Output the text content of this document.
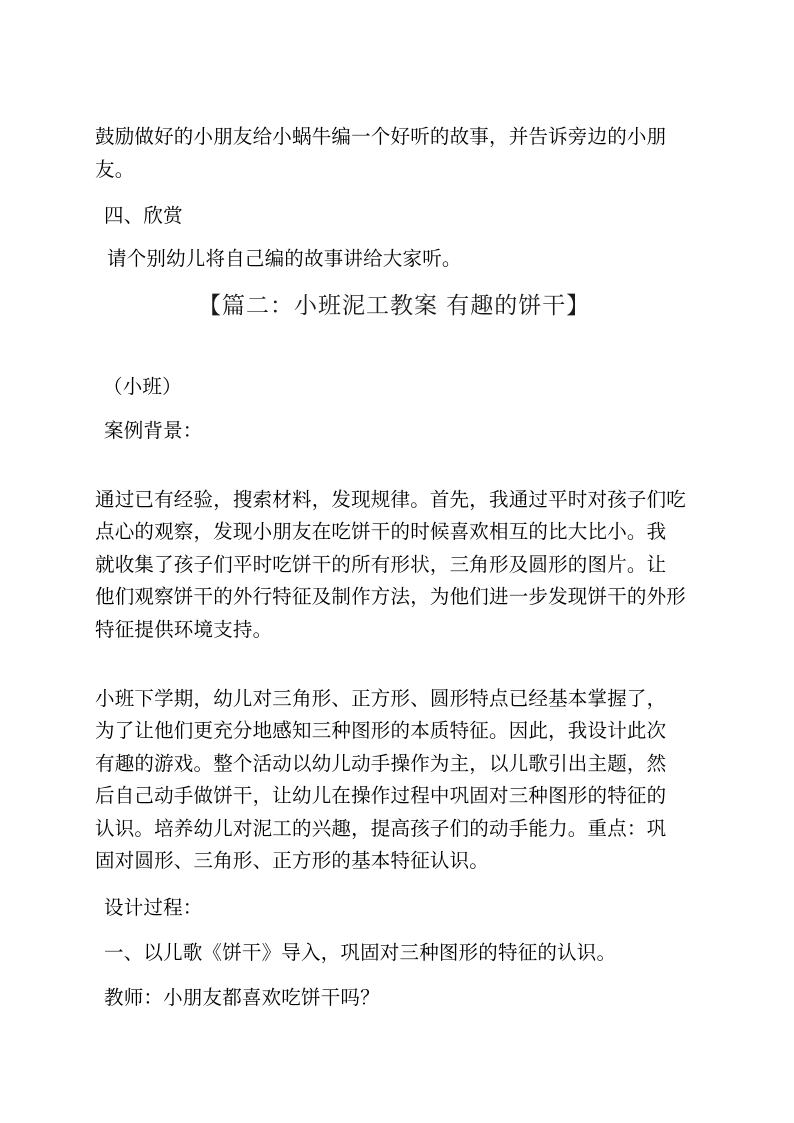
鼓励做好的小朋友给小蜗牛编一个好听的故事，并告诉旁边的小朋
友。
四、欣赏
请个别幼儿将自己编的故事讲给大家听。
【篇二：小班泥工教案 有趣的饼干】
（小班）
案例背景：
通过已有经验，搜索材料，发现规律。首先，我通过平时对孩子们吃
点心的观察，发现小朋友在吃饼干的时候喜欢相互的比大比小。我
就收集了孩子们平时吃饼干的所有形状，三角形及圆形的图片。让
他们观察饼干的外行特征及制作方法，为他们进一步发现饼干的外形
特征提供环境支持。
小班下学期，幼儿对三角形、正方形、圆形特点已经基本掌握了，
为了让他们更充分地感知三种图形的本质特征。因此，我设计此次
有趣的游戏。整个活动以幼儿动手操作为主，以儿歌引出主题，然
后自己动手做饼干，让幼儿在操作过程中巩固对三种图形的特征的
认识。培养幼儿对泥工的兴趣，提高孩子们的动手能力。重点：巩
固对圆形、三角形、正方形的基本特征认识。
设计过程：
一、以儿歌《饼干》导入，巩固对三种图形的特征的认识。
教师：小朋友都喜欢吃饼干吗？
